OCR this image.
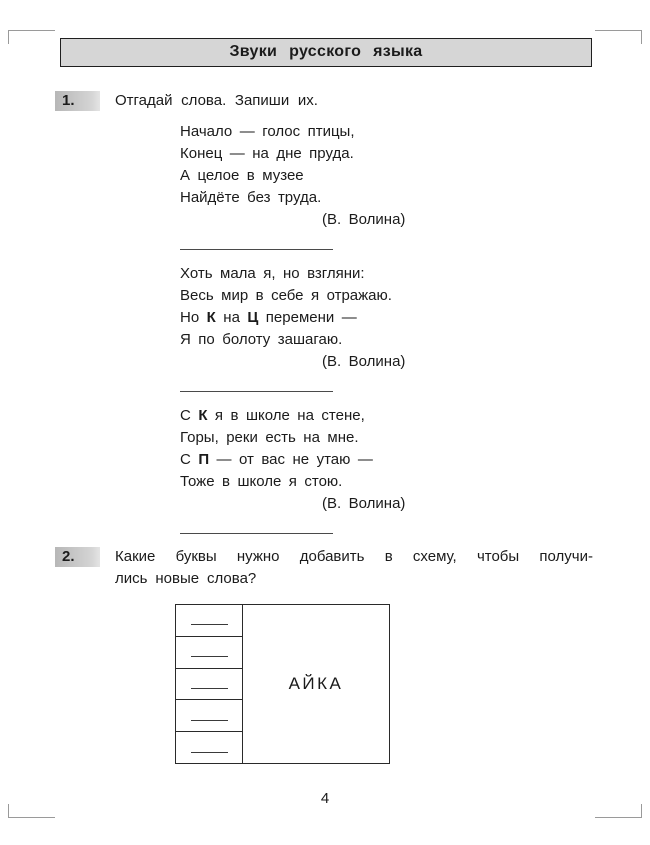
Звуки русского языка
1.	Отгадай слова. Запиши их.
Начало — голос птицы,
Конец — на дне пруда.
А целое в музее
Найдёте без труда.
(В. Волина)
Хоть мала я, но взгляни:
Весь мир в себе я отражаю.
Но К на Ц перемени —
Я по болоту зашагаю.
(В. Волина)
С К я в школе на стене,
Горы, реки есть на мне.
С П — от вас не утаю —
Тоже в школе я стою.
(В. Волина)
2.	Какие буквы нужно добавить в схему, чтобы получи-
лись новые слова?
АЙКА
4
